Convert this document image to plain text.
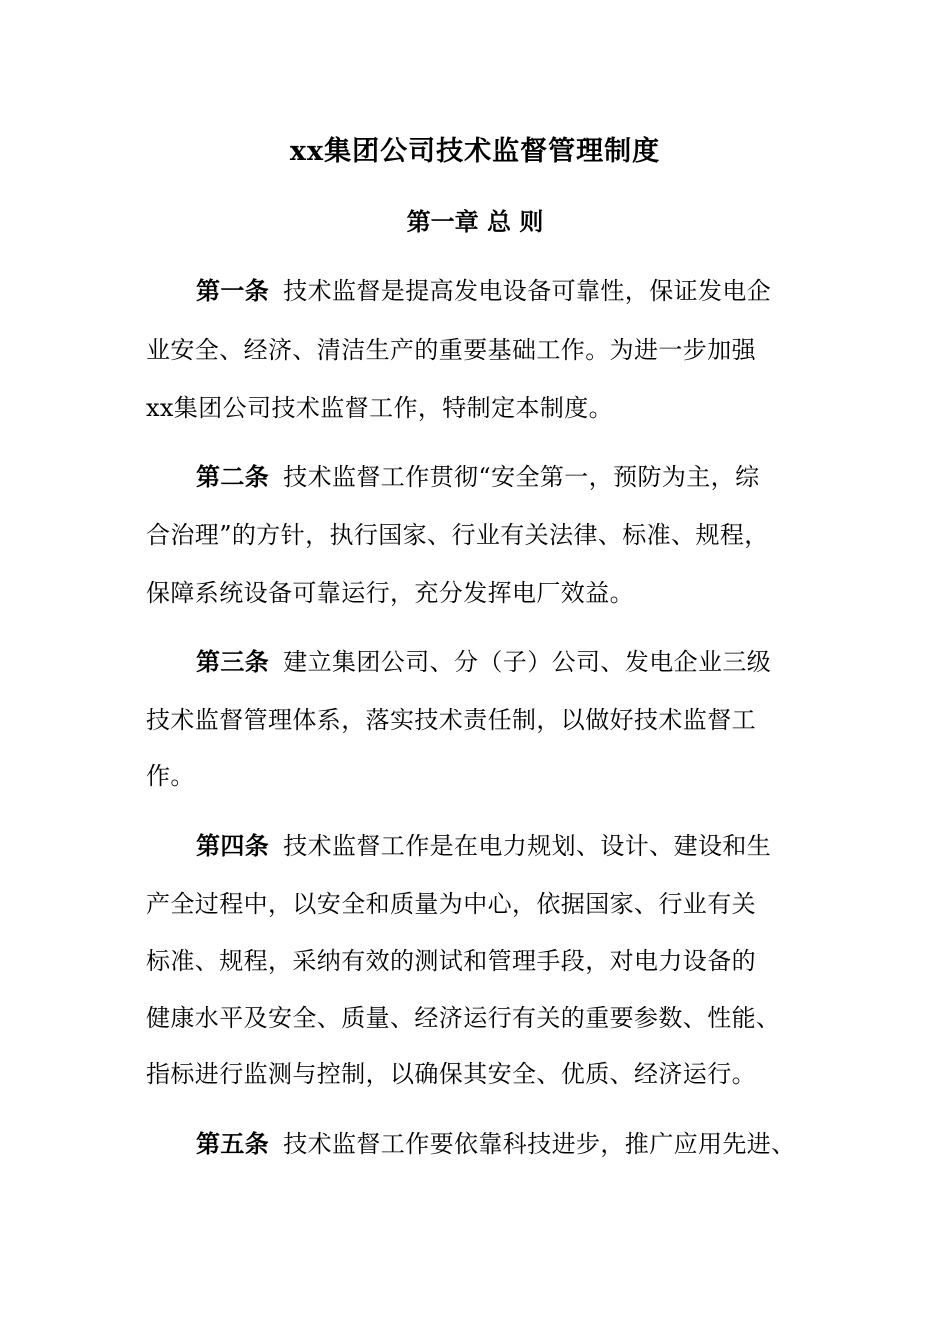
xx集团公司技术监督管理制度
第一章 总 则
第一条 技术监督是提高发电设备可靠性，保证发电企
业安全、经济、清洁生产的重要基础工作。为进一步加强
xx集团公司技术监督工作，特制定本制度。
第二条 技术监督工作贯彻“安全第一，预防为主，综
合治理”的方针，执行国家、行业有关法律、标准、规程，
保障系统设备可靠运行，充分发挥电厂效益。
第三条 建立集团公司、分（子）公司、发电企业三级
技术监督管理体系，落实技术责任制，以做好技术监督工
作。
第四条 技术监督工作是在电力规划、设计、建设和生
产全过程中，以安全和质量为中心，依据国家、行业有关
标准、规程，采纳有效的测试和管理手段，对电力设备的
健康水平及安全、质量、经济运行有关的重要参数、性能、
指标进行监测与控制，以确保其安全、优质、经济运行。
第五条 技术监督工作要依靠科技进步，推广应用先进、
